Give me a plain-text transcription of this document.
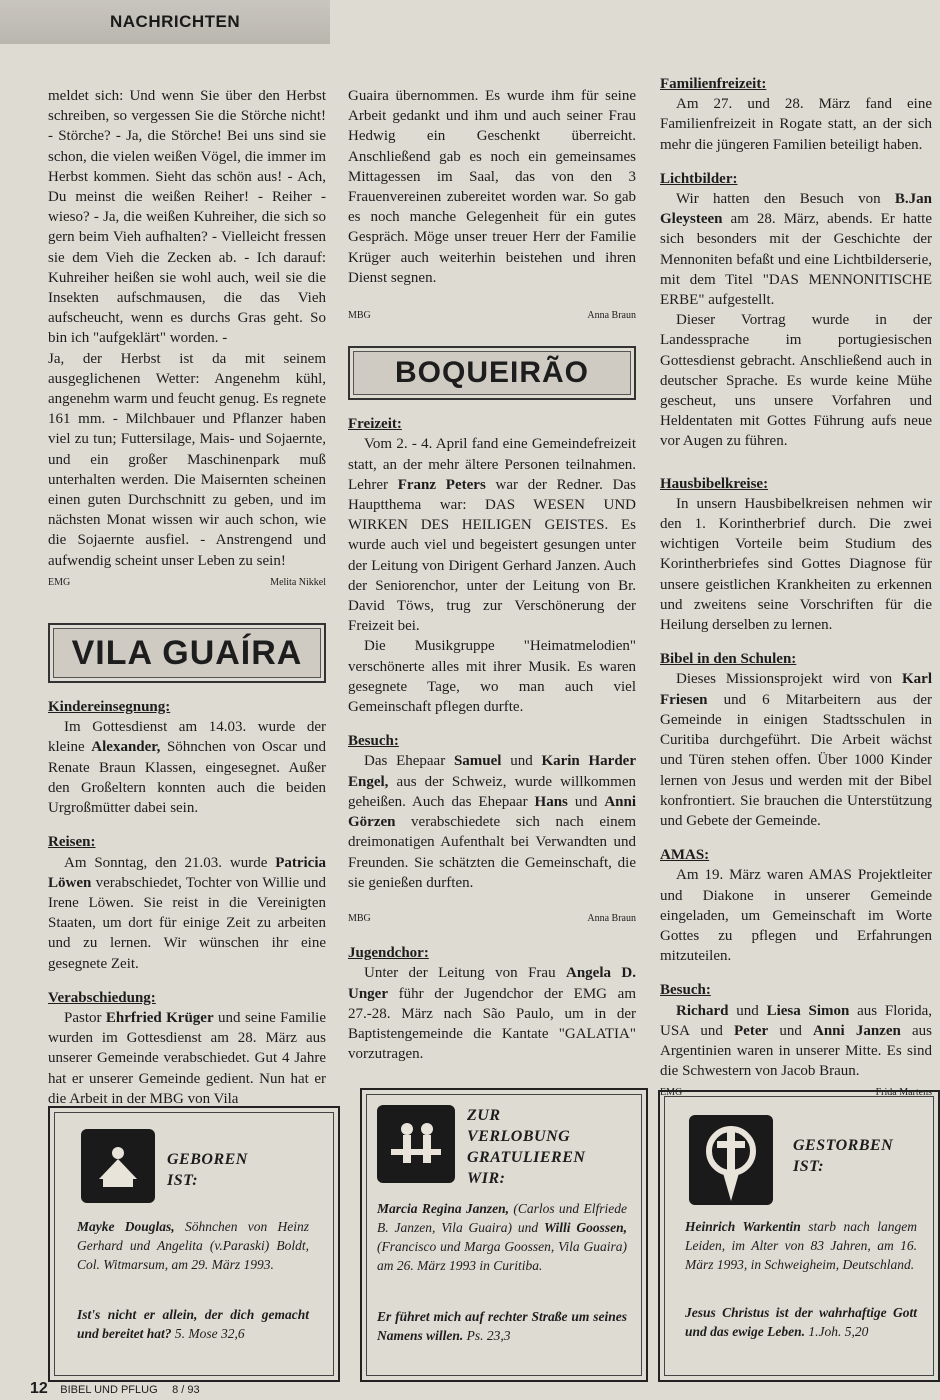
NACHRICHTEN

meldet sich: Und wenn Sie über den Herbst schreiben, so vergessen Sie die Störche nicht! - Störche? - Ja, die Störche! Bei uns sind sie schon, die vielen weißen Vögel, die immer im Herbst kommen. Sieht das schön aus! - Ach, Du meinst die weißen Reiher! - Reiher - wieso? - Ja, die weißen Kuhreiher, die sich so gern beim Vieh aufhalten? - Vielleicht fressen sie dem Vieh die Zecken ab. - Ich darauf: Kuhreiher heißen sie wohl auch, weil sie die Insekten aufschmausen, die das Vieh aufscheucht, wenn es durchs Gras geht. So bin ich "aufgeklärt" worden. -

Ja, der Herbst ist da mit seinem ausgeglichenen Wetter: Angenehm kühl, angenehm warm und feucht genug. Es regnete 161 mm. - Milchbauer und Pflanzer haben viel zu tun; Futtersilage, Mais- und Sojaernte, und ein großer Maschinenpark muß unterhalten werden. Die Maisernten scheinen einen guten Durchschnitt zu geben, und im nächsten Monat wissen wir auch schon, wie die Sojaernte ausfiel. - Anstrengend und aufwendig scheint unser Leben zu sein!

EMG	Melita Nikkel
VILA GUAÍRA
Kindereinsegnung:

Im Gottesdienst am 14.03. wurde der kleine Alexander, Söhnchen von Oscar und Renate Braun Klassen, eingesegnet. Außer den Großeltern konnten auch die beiden Urgroßmütter dabei sein.

Reisen:

Am Sonntag, den 21.03. wurde Patricia Löwen verabschiedet, Tochter von Willie und Irene Löwen. Sie reist in die Vereinigten Staaten, um dort für einige Zeit zu arbeiten und zu lernen. Wir wünschen ihr eine gesegnete Zeit.

Verabschiedung:

Pastor Ehrfried Krüger und seine Familie wurden im Gottesdienst am 28. März aus unserer Gemeinde verabschiedet. Gut 4 Jahre hat er unserer Gemeinde gedient. Nun hat er die Arbeit in der MBG von Vila

Guaira übernommen. Es wurde ihm für seine Arbeit gedankt und ihm und auch seiner Frau Hedwig ein Geschenkt überreicht. Anschließend gab es noch ein gemeinsames Mittagessen im Saal, das von den 3 Frauenvereinen zubereitet worden war. So gab es noch manche Gelegenheit für ein gutes Gespräch. Möge unser treuer Herr der Familie Krüger auch weiterhin beistehen und ihren Dienst segnen.

MBG	Anna Braun
BOQUEIRÃO
Freizeit:

Vom 2. - 4. April fand eine Gemeindefreizeit statt, an der mehr ältere Personen teilnahmen. Lehrer Franz Peters war der Redner. Das Hauptthema war: DAS WESEN UND WIRKEN DES HEILIGEN GEISTES. Es wurde auch viel und begeistert gesungen unter der Leitung von Dirigent Gerhard Janzen. Auch der Seniorenchor, unter der Leitung von Br. David Töws, trug zur Verschönerung der Freizeit bei.

Die Musikgruppe "Heimatmelodien" verschönerte alles mit ihrer Musik. Es waren gesegnete Tage, wo man auch viel Gemeinschaft pflegen durfte.

Besuch:

Das Ehepaar Samuel und Karin Harder Engel, aus der Schweiz, wurde willkommen geheißen. Auch das Ehepaar Hans und Anni Görzen verabschiedete sich nach einem dreimonatigen Aufenthalt bei Verwandten und Freunden. Sie schätzten die Gemeinschaft, die sie genießen durften.

MBG	Anna Braun
Jugendchor:

Unter der Leitung von Frau Angela D. Unger führ der Jugendchor der EMG am 27.-28. März nach São Paulo, um in der Baptistengemeinde die Kantate "GALATIA" vorzutragen.

Familienfreizeit:

Am 27. und 28. März fand eine Familienfreizeit in Rogate statt, an der sich mehr die jüngeren Familien beteiligt haben.

Lichtbilder:

Wir hatten den Besuch von B.Jan Gleysteen am 28. März, abends. Er hatte sich besonders mit der Geschichte der Mennoniten befaßt und eine Lichtbilderserie, mit dem Titel "DAS MENNONITISCHE ERBE" aufgestellt.

Dieser Vortrag wurde in der Landessprache im portugiesischen Gottesdienst gebracht. Anschließend auch in deutscher Sprache. Es wurde keine Mühe gescheut, uns unsere Vorfahren und Heldentaten mit Gottes Führung aufs neue vor Augen zu führen.

Hausbibelkreise:

In unsern Hausbibelkreisen nehmen wir den 1. Korintherbrief durch. Die zwei wichtigen Vorteile beim Studium des Korintherbriefes sind Gottes Diagnose für unsere geistlichen Krankheiten zu erkennen und zweitens seine Vorschriften für die Heilung derselben zu lernen.

Bibel in den Schulen:

Dieses Missionsprojekt wird von Karl Friesen und 6 Mitarbeitern aus der Gemeinde in einigen Stadtsschulen in Curitiba durchgeführt. Die Arbeit wächst und Türen stehen offen. Über 1000 Kinder lernen von Jesus und werden mit der Bibel konfrontiert. Sie brauchen die Unterstützung und Gebete der Gemeinde.

AMAS:

Am 19. März waren AMAS Projektleiter und Diakone in unserer Gemeinde eingeladen, um Gemeinschaft im Worte Gottes zu pflegen und Erfahrungen mitzuteilen.

Besuch:

Richard und Liesa Simon aus Florida, USA und Peter und Anni Janzen aus Argentinien waren in unserer Mitte. Es sind die Schwestern von Jacob Braun.

EMG	Frida Martens
GEBOREN IST:
Mayke Douglas, Söhnchen von Heinz Gerhard und Angelita (v.Paraski) Boldt, Col. Witmarsum, am 29. März 1993.
Ist's nicht er allein, der dich gemacht und bereitet hat? 5. Mose 32,6
ZUR VERLOBUNG GRATULIEREN WIR:
Marcia Regina Janzen, (Carlos und Elfriede B. Janzen, Vila Guaira) und Willi Goossen, (Francisco und Marga Goossen, Vila Guaira) am 26. März 1993 in Curitiba.
Er führet mich auf rechter Straße um seines Namens willen. Ps. 23,3
GESTORBEN IST:
Heinrich Warkentin starb nach langem Leiden, im Alter von 83 Jahren, am 16. März 1993, in Schweigheim, Deutschland.
Jesus Christus ist der wahrhaftige Gott und das ewige Leben. 1.Joh. 5,20
12 BIBEL UND PFLUG 8 / 93
